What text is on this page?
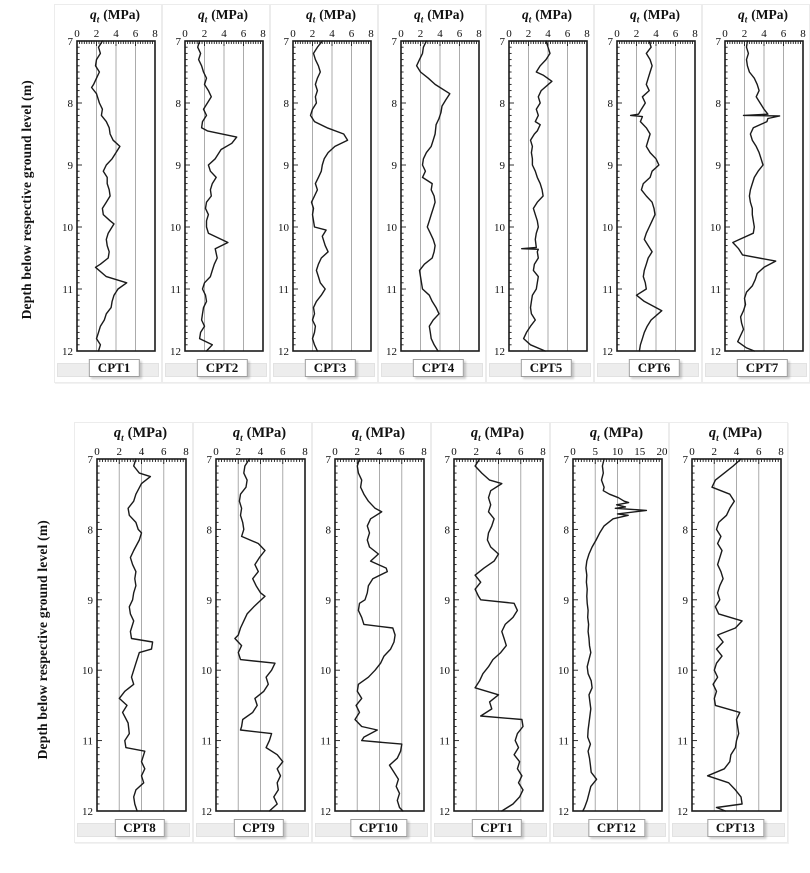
Depth below respective ground level (m)
$q_t$ (MPa)
0 2 4 6 8
7
8
9
10
11
12
CPT1
$q_t$ (MPa)
0 2 4 6 8
7
8
9
10
11
12
CPT2
$q_t$ (MPa)
0 2 4 6 8
7
8
9
10
11
12
CPT3
$q_t$ (MPa)
0 2 4 6 8
7
8
9
10
11
12
CPT4
$q_t$ (MPa)
0 2 4 6 8
7
8
9
10
11
12
CPT5
$q_t$ (MPa)
0 2 4 6 8
7
8
9
10
11
12
CPT6
$q_t$ (MPa)
0 2 4 6 8
7
8
9
10
11
12
CPT7
Depth below respective ground level (m)
$q_t$ (MPa)
0 2 4 6 8
7
8
9
10
11
12
CPT8
$q_t$ (MPa)
0 2 4 6 8
7
8
9
10
11
12
CPT9
$q_t$ (MPa)
0 2 4 6 8
7
8
9
10
11
12
CPT10
$q_t$ (MPa)
0 2 4 6 8
7
8
9
10
11
12
CPT1
$q_t$ (MPa)
0 5 10 15 20
7
8
9
10
11
12
CPT12
$q_t$ (MPa)
0 2 4 6 8
7
8
9
10
11
12
CPT13
